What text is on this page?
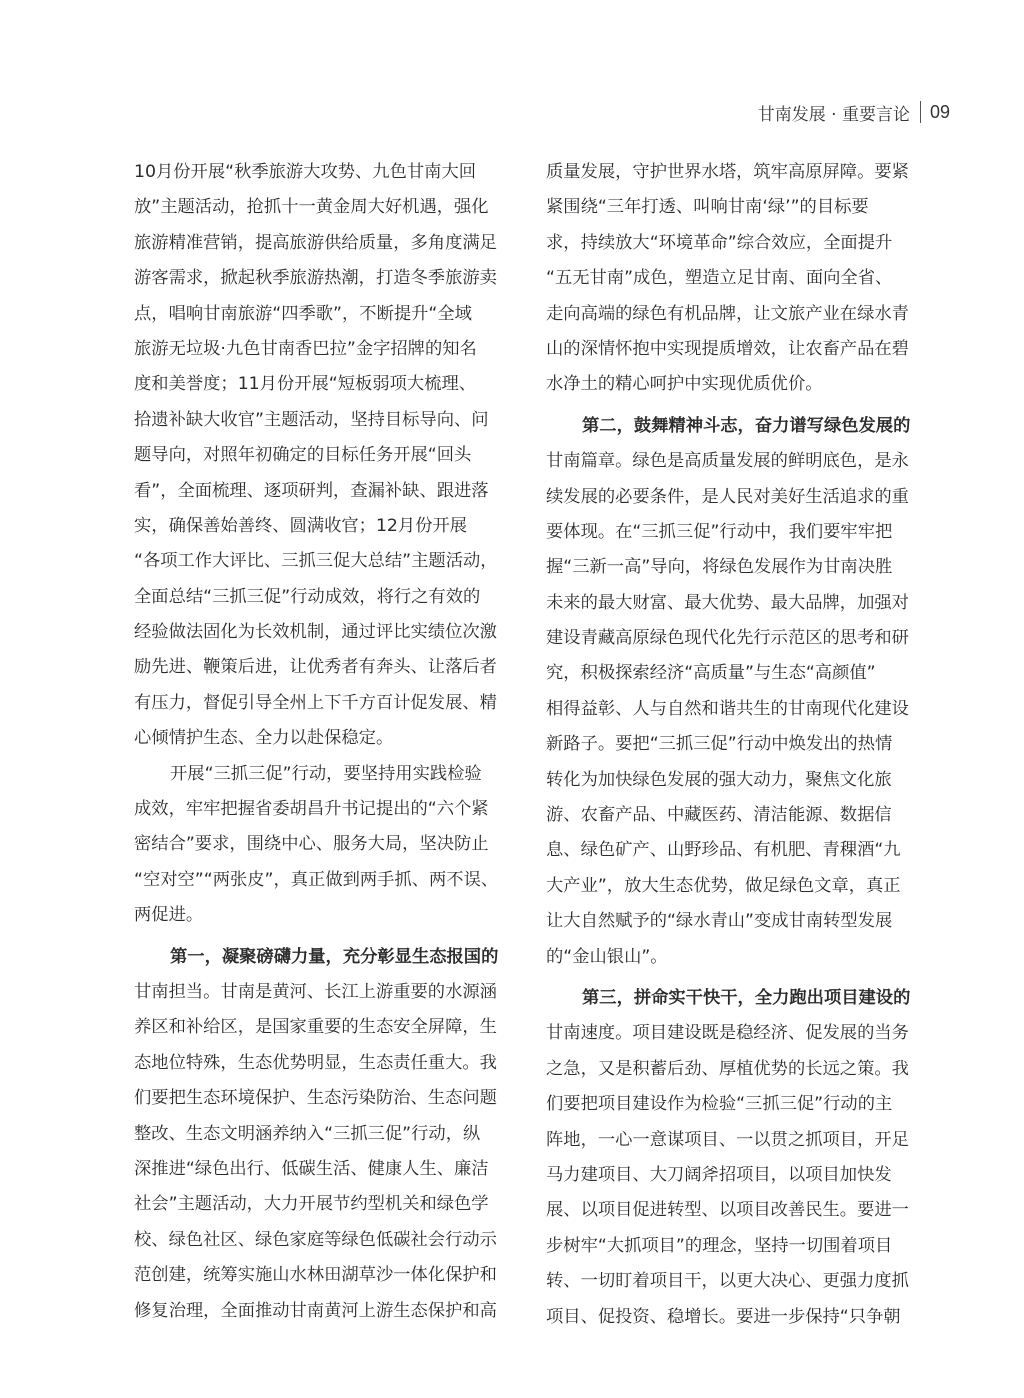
甘南发展 · 重要言论 09
10月份开展“秋季旅游大攻势、九色甘南大回
放”主题活动，抢抓十一黄金周大好机遇，强化
旅游精准营销，提高旅游供给质量，多角度满足
游客需求，掀起秋季旅游热潮，打造冬季旅游卖
点，唱响甘南旅游“四季歌”，不断提升“全域
旅游无垃圾·九色甘南香巴拉”金字招牌的知名
度和美誉度；11月份开展“短板弱项大梳理、
拾遗补缺大收官”主题活动，坚持目标导向、问
题导向，对照年初确定的目标任务开展“回头
看”，全面梳理、逐项研判，查漏补缺、跟进落
实，确保善始善终、圆满收官；12月份开展
“各项工作大评比、三抓三促大总结”主题活动，
全面总结“三抓三促”行动成效，将行之有效的
经验做法固化为长效机制，通过评比实绩位次激
励先进、鞭策后进，让优秀者有奔头、让落后者
有压力，督促引导全州上下千方百计促发展、精
心倾情护生态、全力以赴保稳定。
开展“三抓三促”行动，要坚持用实践检验
成效，牢牢把握省委胡昌升书记提出的“六个紧
密结合”要求，围绕中心、服务大局，坚决防止
“空对空”“两张皮”，真正做到两手抓、两不误、
两促进。
第一，凝聚磅礴力量，充分彰显生态报国的
甘南担当。甘南是黄河、长江上游重要的水源涵
养区和补给区，是国家重要的生态安全屏障，生
态地位特殊，生态优势明显，生态责任重大。我
们要把生态环境保护、生态污染防治、生态问题
整改、生态文明涵养纳入“三抓三促”行动，纵
深推进“绿色出行、低碳生活、健康人生、廉洁
社会”主题活动，大力开展节约型机关和绿色学
校、绿色社区、绿色家庭等绿色低碳社会行动示
范创建，统筹实施山水林田湖草沙一体化保护和
修复治理，全面推动甘南黄河上游生态保护和高
质量发展，守护世界水塔，筑牢高原屏障。要紧
紧围绕“三年打透、叫响甘南‘绿’”的目标要
求，持续放大“环境革命”综合效应，全面提升
“五无甘南”成色，塑造立足甘南、面向全省、
走向高端的绿色有机品牌，让文旅产业在绿水青
山的深情怀抱中实现提质增效，让农畜产品在碧
水净土的精心呵护中实现优质优价。
第二，鼓舞精神斗志，奋力谱写绿色发展的
甘南篇章。绿色是高质量发展的鲜明底色，是永
续发展的必要条件，是人民对美好生活追求的重
要体现。在“三抓三促”行动中，我们要牢牢把
握“三新一高”导向，将绿色发展作为甘南决胜
未来的最大财富、最大优势、最大品牌，加强对
建设青藏高原绿色现代化先行示范区的思考和研
究，积极探索经济“高质量”与生态“高颜值”
相得益彰、人与自然和谐共生的甘南现代化建设
新路子。要把“三抓三促”行动中焕发出的热情
转化为加快绿色发展的强大动力，聚焦文化旅
游、农畜产品、中藏医药、清洁能源、数据信
息、绿色矿产、山野珍品、有机肥、青稞酒“九
大产业”，放大生态优势，做足绿色文章，真正
让大自然赋予的“绿水青山”变成甘南转型发展
的“金山银山”。
第三，拼命实干快干，全力跑出项目建设的
甘南速度。项目建设既是稳经济、促发展的当务
之急，又是积蓄后劲、厚植优势的长远之策。我
们要把项目建设作为检验“三抓三促”行动的主
阵地，一心一意谋项目、一以贯之抓项目，开足
马力建项目、大刀阔斧招项目，以项目加快发
展、以项目促进转型、以项目改善民生。要进一
步树牢“大抓项目”的理念，坚持一切围着项目
转、一切盯着项目干，以更大决心、更强力度抓
项目、促投资、稳增长。要进一步保持“只争朝
